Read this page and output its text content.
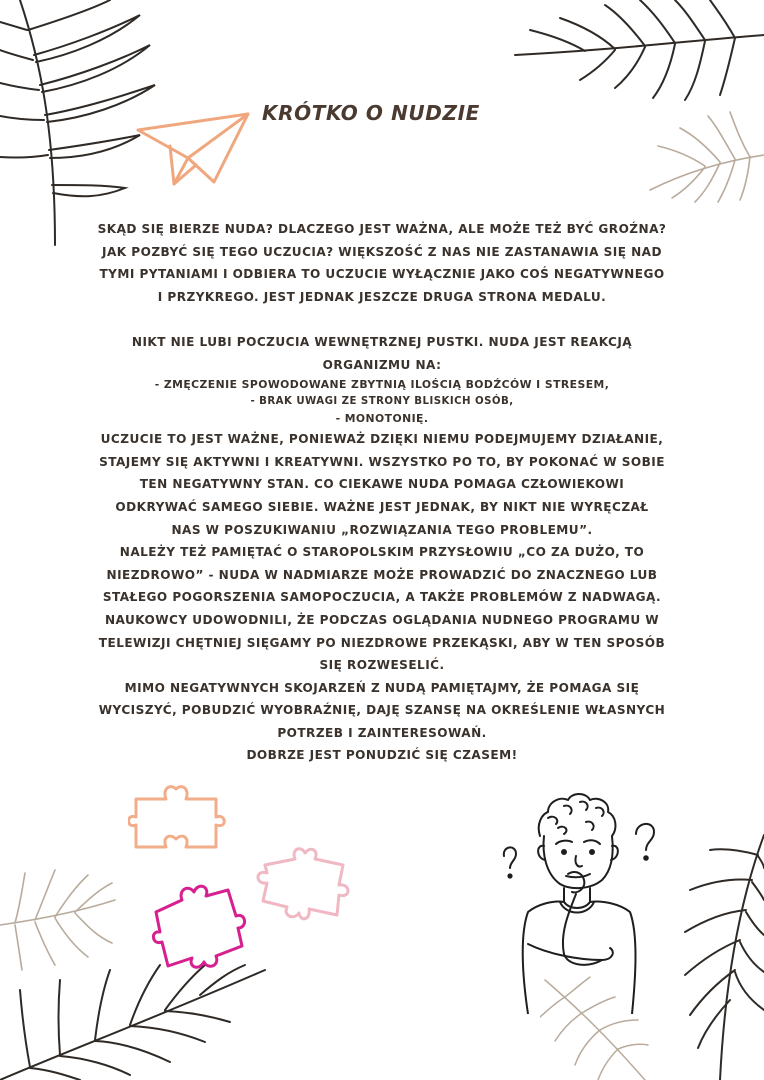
KRÓTKO O NUDZIE
SKĄD SIĘ BIERZE NUDA? DLACZEGO JEST WAŻNA, ALE MOŻE TEŻ BYĆ GROŹNA?
JAK POZBYĆ SIĘ TEGO UCZUCIA? WIĘKSZOŚĆ Z NAS NIE ZASTANAWIA SIĘ NAD
TYMI PYTANIAMI I ODBIERA TO UCZUCIE WYŁĄCZNIE JAKO COŚ NEGATYWNEGO
I PRZYKREGO. JEST JEDNAK JESZCZE DRUGA STRONA MEDALU.
NIKT NIE LUBI POCZUCIA WEWNĘTRZNEJ PUSTKI. NUDA JEST REAKCJĄ
ORGANIZMU NA:
- ZMĘCZENIE SPOWODOWANE ZBYTNIĄ ILOŚCIĄ BODŹCÓW I STRESEM,
- BRAK UWAGI ZE STRONY BLISKICH OSÓB,
- MONOTONIĘ.
UCZUCIE TO JEST WAŻNE, PONIEWAŻ DZIĘKI NIEMU PODEJMUJEMY DZIAŁANIE,
STAJEMY SIĘ AKTYWNI I KREATYWNI. WSZYSTKO PO TO, BY POKONAĆ W SOBIE
TEN NEGATYWNY STAN. CO CIEKAWE NUDA POMAGA CZŁOWIEKOWI
ODKRYWAĆ SAMEGO SIEBIE. WAŻNE JEST JEDNAK, BY NIKT NIE WYRĘCZAŁ
NAS W POSZUKIWANIU „ROZWIĄZANIA TEGO PROBLEMU”.
NALEŻY TEŻ PAMIĘTAĆ O STAROPOLSKIM PRZYSŁOWIU „CO ZA DUŻO, TO
NIEZDROWO” - NUDA W NADMIARZE MOŻE PROWADZIĆ DO ZNACZNEGO LUB
STAŁEGO POGORSZENIA SAMOPOCZUCIA, A TAKŻE PROBLEMÓW Z NADWAGĄ.
NAUKOWCY UDOWODNILI, ŻE PODCZAS OGLĄDANIA NUDNEGO PROGRAMU W
TELEWIZJI CHĘTNIEJ SIĘGAMY PO NIEZDROWE PRZEKĄSKI, ABY W TEN SPOSÓB
SIĘ ROZWESELIĆ.
MIMO NEGATYWNYCH SKOJARZEŃ Z NUDĄ PAMIĘTAJMY, ŻE POMAGA SIĘ
WYCISZYĆ, POBUDZIĆ WYOBRAŹNIĘ, DAJĘ SZANSĘ NA OKREŚLENIE WŁASNYCH
POTRZEB I ZAINTERESOWAŃ.
DOBRZE JEST PONUDZIĆ SIĘ CZASEM!
